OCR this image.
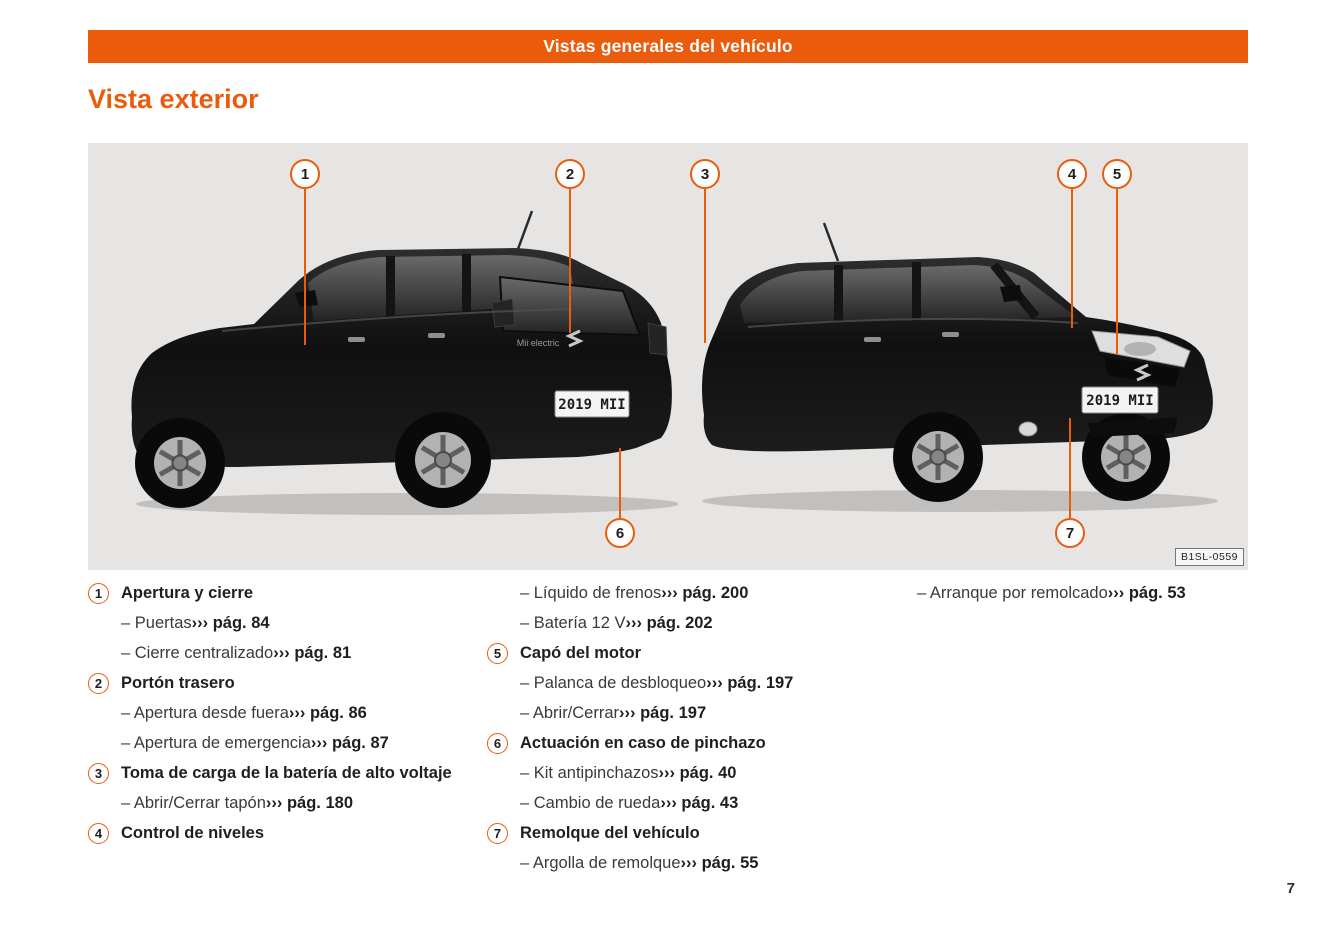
Vistas generales del vehículo
Vista exterior
Mii electric
2019 MII	2019 MII
1	2	3	4	5
6	7
B1SL-0559
1	Apertura y cierre
– Puertas ››› pág. 84
– Cierre centralizado ››› pág. 81
2	Portón trasero
– Apertura desde fuera ››› pág. 86
– Apertura de emergencia ››› pág. 87
3	Toma de carga de la batería de alto voltaje
– Abrir/Cerrar tapón ››› pág. 180
4	Control de niveles
– Líquido de frenos ››› pág. 200
– Batería 12 V ››› pág. 202
5	Capó del motor
– Palanca de desbloqueo ››› pág. 197
– Abrir/Cerrar ››› pág. 197
6	Actuación en caso de pinchazo
– Kit antipinchazos ››› pág. 40
– Cambio de rueda ››› pág. 43
7	Remolque del vehículo
– Argolla de remolque ››› pág. 55
– Arranque por remolcado ››› pág. 53
7
